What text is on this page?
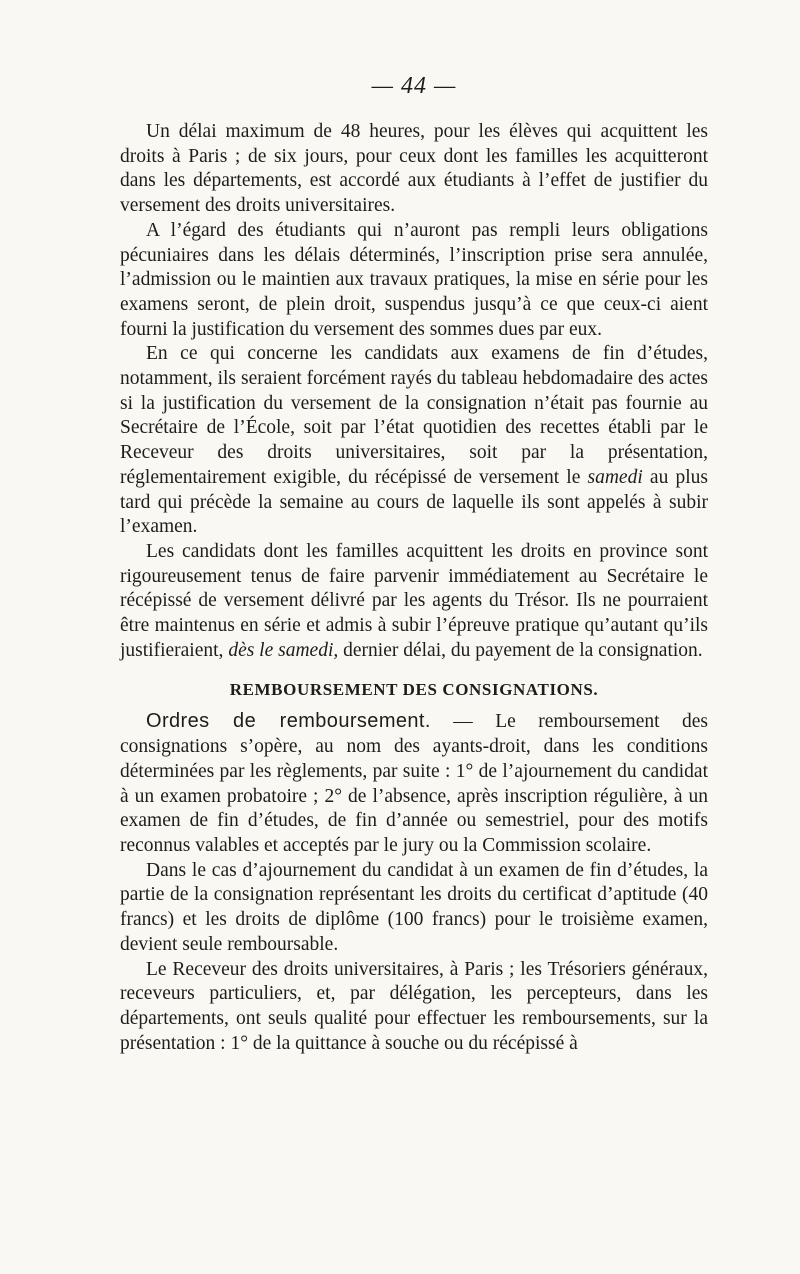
— 44 —

Un délai maximum de 48 heures, pour les élèves qui acquittent les droits à Paris ; de six jours, pour ceux dont les familles les acquitteront dans les départements, est accordé aux étudiants à l’effet de justifier du versement des droits universitaires.

A l’égard des étudiants qui n’auront pas rempli leurs obligations pécuniaires dans les délais déterminés, l’inscription prise sera annulée, l’admission ou le maintien aux travaux pratiques, la mise en série pour les examens seront, de plein droit, suspendus jusqu’à ce que ceux-ci aient fourni la justification du versement des sommes dues par eux.

En ce qui concerne les candidats aux examens de fin d’études, notamment, ils seraient forcément rayés du tableau hebdomadaire des actes si la justification du versement de la consignation n’était pas fournie au Secrétaire de l’École, soit par l’état quotidien des recettes établi par le Receveur des droits universitaires, soit par la présentation, réglementairement exigible, du récépissé de versement le samedi au plus tard qui précède la semaine au cours de laquelle ils sont appelés à subir l’examen.

Les candidats dont les familles acquittent les droits en province sont rigoureusement tenus de faire parvenir immédiatement au Secrétaire le récépissé de versement délivré par les agents du Trésor. Ils ne pourraient être maintenus en série et admis à subir l’épreuve pratique qu’autant qu’ils justifieraient, dès le samedi, dernier délai, du payement de la consignation.

REMBOURSEMENT DES CONSIGNATIONS.

Ordres de remboursement. — Le remboursement des consignations s’opère, au nom des ayants-droit, dans les conditions déterminées par les règlements, par suite : 1° de l’ajournement du candidat à un examen probatoire ; 2° de l’absence, après inscription régulière, à un examen de fin d’études, de fin d’année ou semestriel, pour des motifs reconnus valables et acceptés par le jury ou la Commission scolaire.

Dans le cas d’ajournement du candidat à un examen de fin d’études, la partie de la consignation représentant les droits du certificat d’aptitude (40 francs) et les droits de diplôme (100 francs) pour le troisième examen, devient seule remboursable.

Le Receveur des droits universitaires, à Paris ; les Trésoriers généraux, receveurs particuliers, et, par délégation, les percepteurs, dans les départements, ont seuls qualité pour effectuer les remboursements, sur la présentation : 1° de la quittance à souche ou du récépissé à
